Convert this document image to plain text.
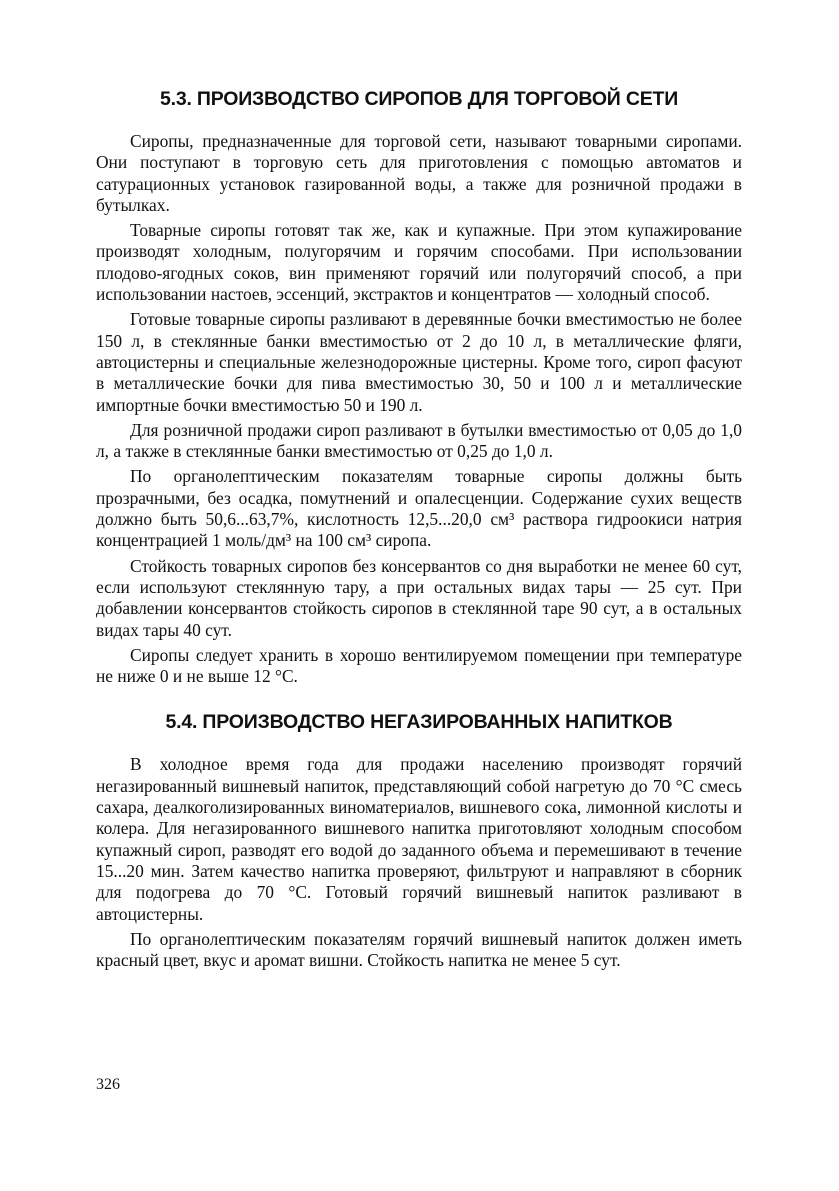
5.3. ПРОИЗВОДСТВО СИРОПОВ ДЛЯ ТОРГОВОЙ СЕТИ

Сиропы, предназначенные для торговой сети, называют товарными сиропами. Они поступают в торговую сеть для приготовления с помощью автоматов и сатурационных установок газированной воды, а также для розничной продажи в бутылках.

Товарные сиропы готовят так же, как и купажные. При этом купажирование производят холодным, полугорячим и горячим способами. При использовании плодово-ягодных соков, вин применяют горячий или полугорячий способ, а при использовании настоев, эссенций, экстрактов и концентратов — холодный способ.

Готовые товарные сиропы разливают в деревянные бочки вместимостью не более 150 л, в стеклянные банки вместимостью от 2 до 10 л, в металлические фляги, автоцистерны и специальные железнодорожные цистерны. Кроме того, сироп фасуют в металлические бочки для пива вместимостью 30, 50 и 100 л и металлические импортные бочки вместимостью 50 и 190 л.

Для розничной продажи сироп разливают в бутылки вместимостью от 0,05 до 1,0 л, а также в стеклянные банки вместимостью от 0,25 до 1,0 л.

По органолептическим показателям товарные сиропы должны быть прозрачными, без осадка, помутнений и опалесценции. Содержание сухих веществ должно быть 50,6...63,7%, кислотность 12,5...20,0 см³ раствора гидроокиси натрия концентрацией 1 моль/дм³ на 100 см³ сиропа.

Стойкость товарных сиропов без консервантов со дня выработки не менее 60 сут, если используют стеклянную тару, а при остальных видах тары — 25 сут. При добавлении консервантов стойкость сиропов в стеклянной таре 90 сут, а в остальных видах тары 40 сут.

Сиропы следует хранить в хорошо вентилируемом помещении при температуре не ниже 0 и не выше 12 °С.

5.4. ПРОИЗВОДСТВО НЕГАЗИРОВАННЫХ НАПИТКОВ

В холодное время года для продажи населению производят горячий негазированный вишневый напиток, представляющий собой нагретую до 70 °С смесь сахара, деалкоголизированных виноматериалов, вишневого сока, лимонной кислоты и колера. Для негазированного вишневого напитка приготовляют холодным способом купажный сироп, разводят его водой до заданного объема и перемешивают в течение 15...20 мин. Затем качество напитка проверяют, фильтруют и направляют в сборник для подогрева до 70 °С. Готовый горячий вишневый напиток разливают в автоцистерны.

По органолептическим показателям горячий вишневый напиток должен иметь красный цвет, вкус и аромат вишни. Стойкость напитка не менее 5 сут.

326
